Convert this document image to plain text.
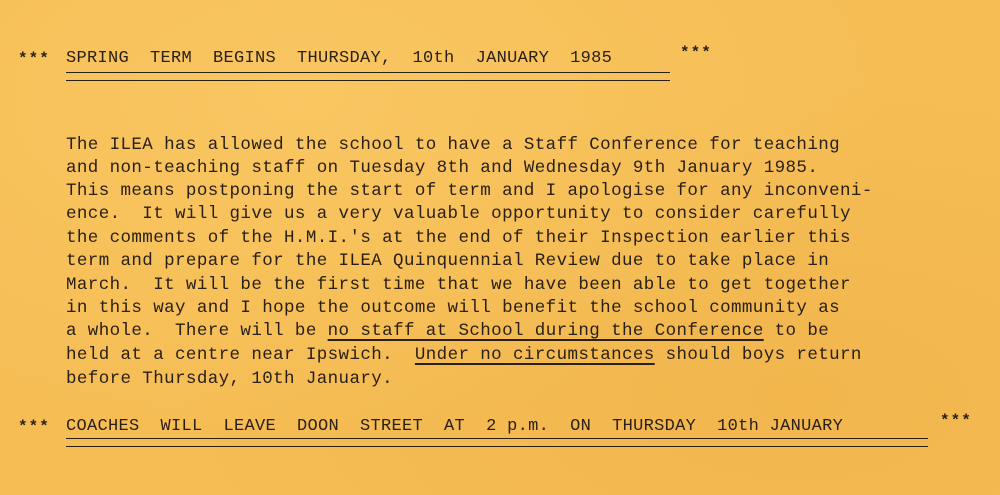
*** SPRING  TERM  BEGINS  THURSDAY,  10th  JANUARY  1985	***
The ILEA has allowed the school to have a Staff Conference for teaching
and non-teaching staff on Tuesday 8th and Wednesday 9th January 1985.
This means postponing the start of term and I apologise for any inconveni-
ence.  It will give us a very valuable opportunity to consider carefully
the comments of the H.M.I.'s at the end of their Inspection earlier this
term and prepare for the ILEA Quinquennial Review due to take place in
March.  It will be the first time that we have been able to get together
in this way and I hope the outcome will benefit the school community as
a whole.  There will be no staff at School during the Conference to be
held at a centre near Ipswich.  Under no circumstances should boys return
before Thursday, 10th January.
*** COACHES  WILL  LEAVE  DOON  STREET  AT  2 p.m.  ON  THURSDAY  10th JANUARY	***
